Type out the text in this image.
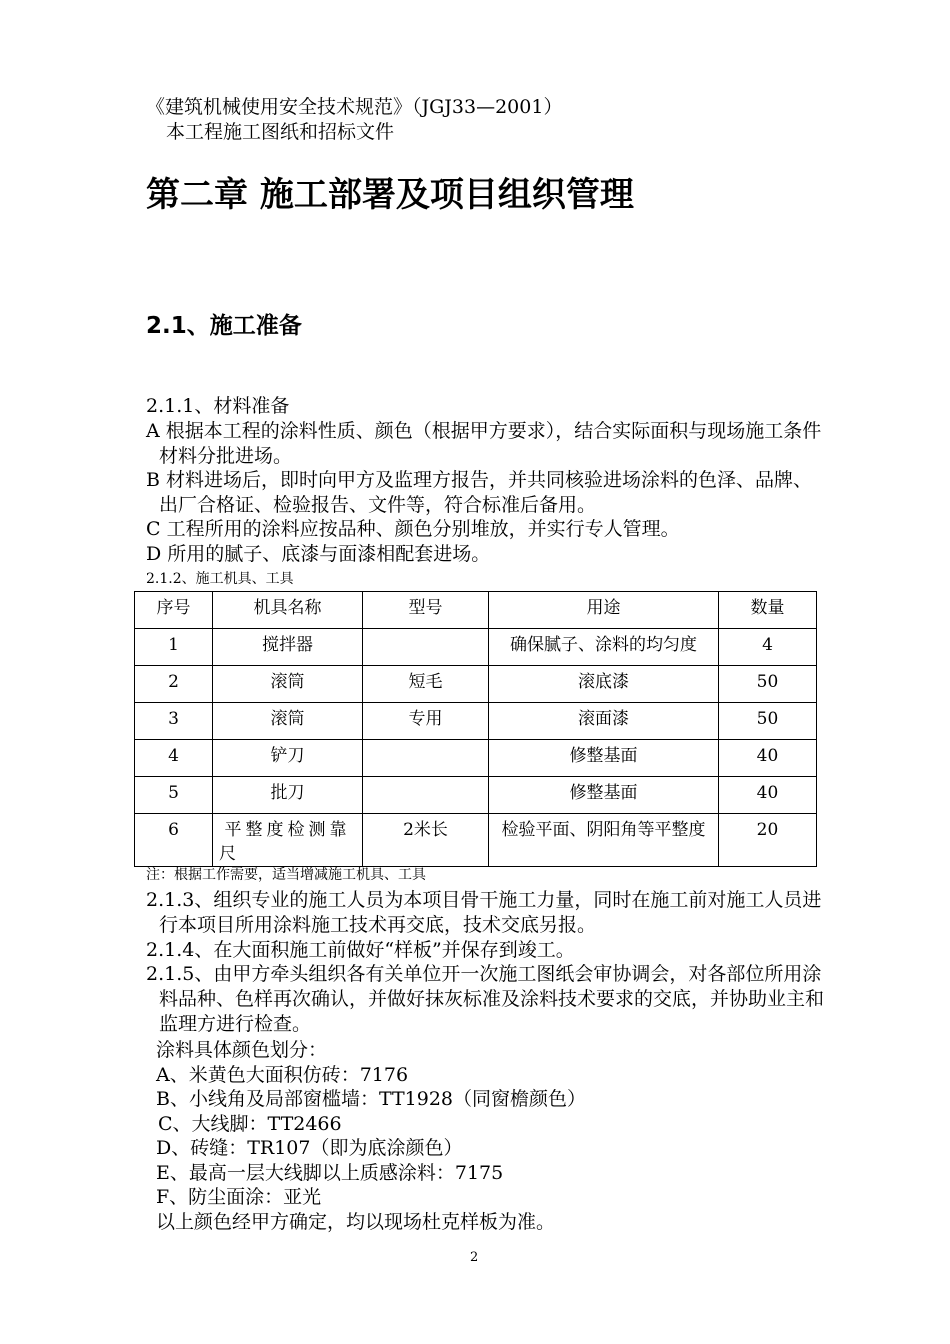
《建筑机械使用安全技术规范》（JGJ33—2001）
本工程施工图纸和招标文件
第二章 施工部署及项目组织管理
2.1、施工准备
2.1.1、材料准备
A 根据本工程的涂料性质、颜色（根据甲方要求），结合实际面积与现场施工条件材料分批进场。
B 材料进场后，即时向甲方及监理方报告，并共同核验进场涂料的色泽、品牌、出厂合格证、检验报告、文件等，符合标准后备用。
C 工程所用的涂料应按品种、颜色分别堆放，并实行专人管理。
D 所用的腻子、底漆与面漆相配套进场。
2.1.2、施工机具、工具
序号	机具名称	型号	用途	数量
1	搅拌器		确保腻子、涂料的均匀度	4
2	滚筒	短毛	滚底漆	50
3	滚筒	专用	滚面漆	50
4	铲刀		修整基面	40
5	批刀		修整基面	40
6	平整度检测靠尺	2米长	检验平面、阴阳角等平整度	20
注：根据工作需要，适当增减施工机具、工具
2.1.3、组织专业的施工人员为本项目骨干施工力量，同时在施工前对施工人员进行本项目所用涂料施工技术再交底，技术交底另报。
2.1.4、在大面积施工前做好“样板”并保存到竣工。
2.1.5、由甲方牵头组织各有关单位开一次施工图纸会审协调会，对各部位所用涂料品种、色样再次确认，并做好抹灰标准及涂料技术要求的交底，并协助业主和监理方进行检查。
涂料具体颜色划分：
A、米黄色大面积仿砖：7176
B、小线角及局部窗槛墙：TT1928（同窗檐颜色）
C、大线脚：TT2466
D、砖缝：TR107（即为底涂颜色）
E、最高一层大线脚以上质感涂料：7175
F、防尘面涂：亚光
以上颜色经甲方确定，均以现场杜克样板为准。
2
